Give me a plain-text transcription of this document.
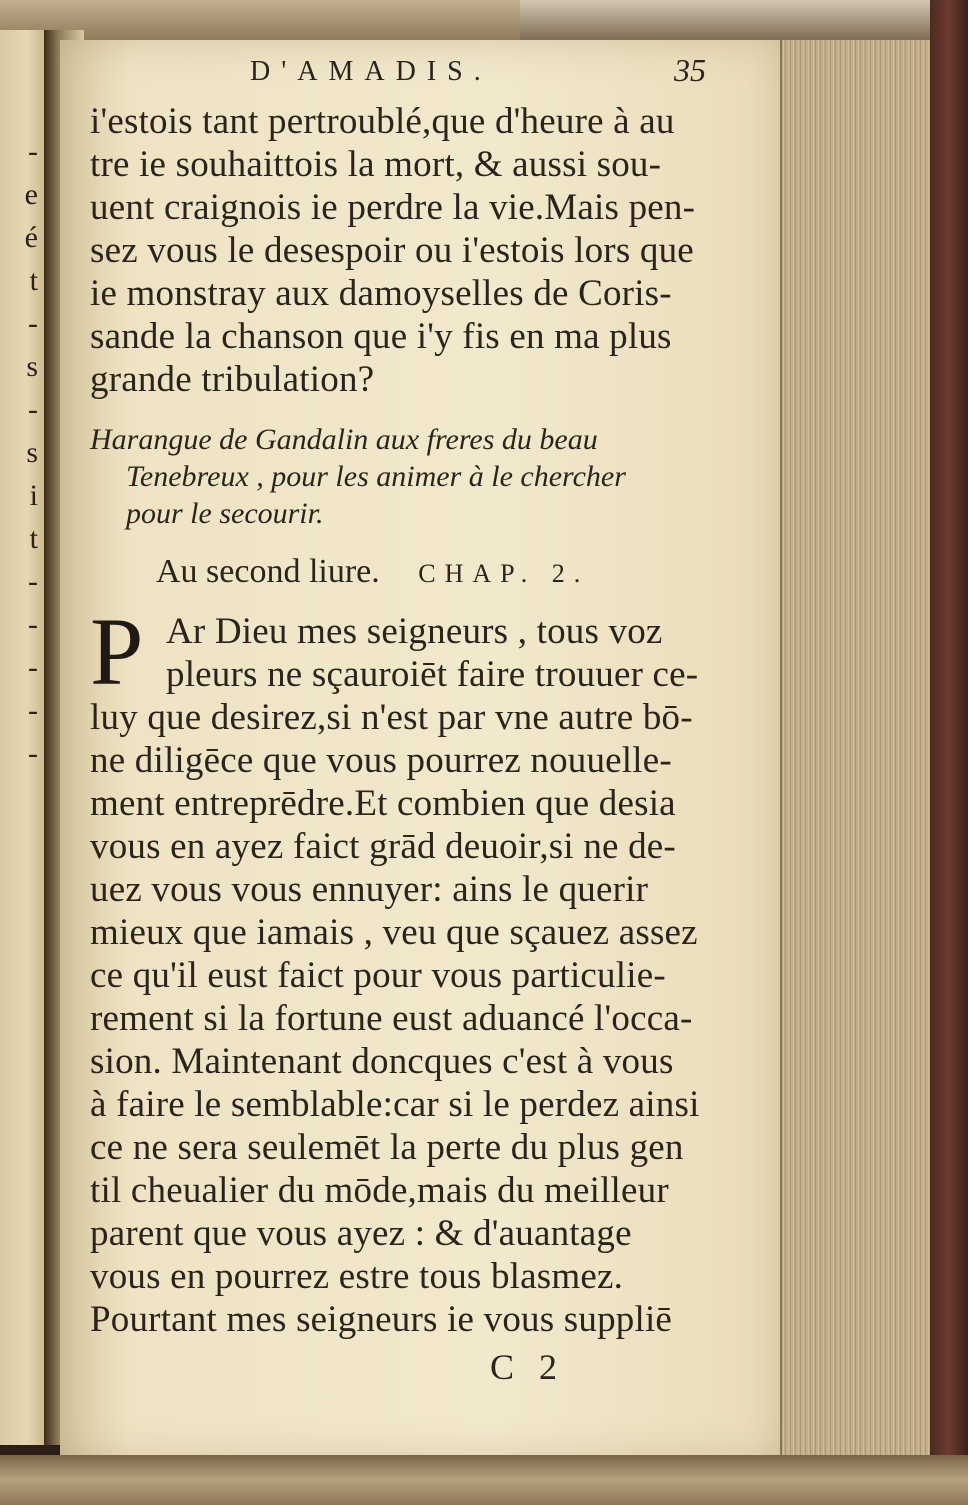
-
e
é
t
-
s
-
s
i
t
-
-
-
-
-
D'AMADIS.	35
i'estois tant pertroublé,que d'heure à au
tre ie souhaittois la mort, & aussi sou-
uent craignois ie perdre la vie.Mais pen-
sez vous le desespoir ou i'estois lors que
ie monstray aux damoyselles de Coris-
sande la chanson que i'y fis en ma plus
grande tribulation?
Harangue de Gandalin aux freres du beau
Tenebreux , pour les animer à le chercher
pour le secourir.
Au second liure. CHAP. 2.
P Ar Dieu mes seigneurs , tous voz
pleurs ne sçauroiēt faire trouuer ce-
luy que desirez,si n'est par vne autre bō-
ne diligēce que vous pourrez nouuelle-
ment entreprēdre.Et combien que desia
vous en ayez faict grād deuoir,si ne de-
uez vous vous ennuyer: ains le querir
mieux que iamais , veu que sçauez assez
ce qu'il eust faict pour vous particulie-
rement si la fortune eust aduancé l'occa-
sion. Maintenant doncques c'est à vous
à faire le semblable:car si le perdez ainsi
ce ne sera seulemēt la perte du plus gen
til cheualier du mōde,mais du meilleur
parent que vous ayez : & d'auantage
vous en pourrez estre tous blasmez.
Pourtant mes seigneurs ie vous suppliē
C 2
